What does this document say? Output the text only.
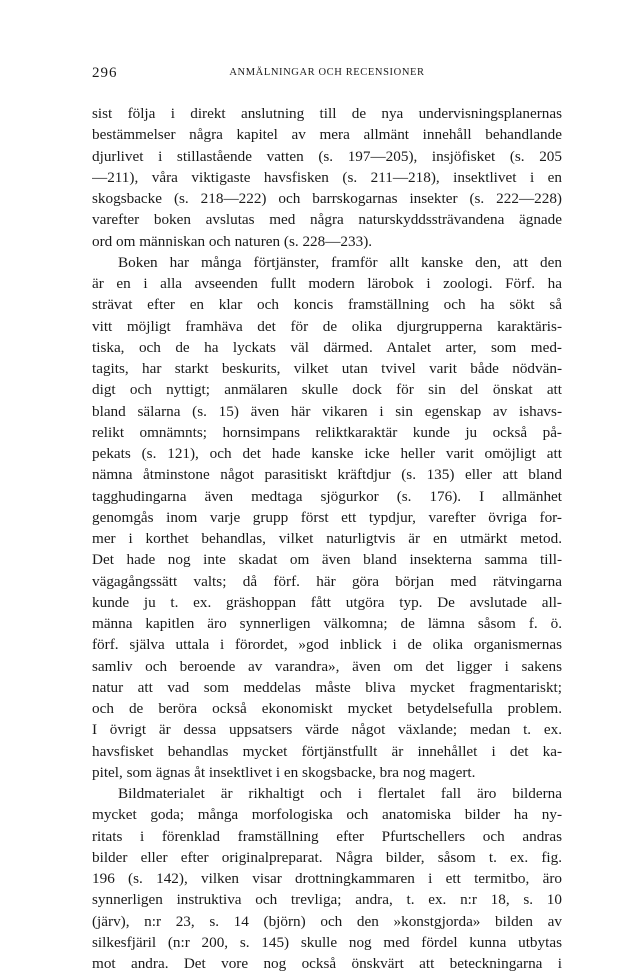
296	ANMÄLNINGAR OCH RECENSIONER
sist följa i direkt anslutning till de nya undervisningsplanernas
bestämmelser några kapitel av mera allmänt innehåll behandlande
djurlivet i stillastående vatten (s. 197—205), insjöfisket (s. 205
—211), våra viktigaste havsfisken (s. 211—218), insektlivet i en
skogsbacke (s. 218—222) och barrskogarnas insekter (s. 222—228)
varefter boken avslutas med några naturskyddssträvandena ägnade
ord om människan och naturen (s. 228—233).
Boken har många förtjänster, framför allt kanske den, att den
är en i alla avseenden fullt modern lärobok i zoologi. Förf. ha
strävat efter en klar och koncis framställning och ha sökt så
vitt möjligt framhäva det för de olika djurgrupperna karaktäris-
tiska, och de ha lyckats väl därmed. Antalet arter, som med-
tagits, har starkt beskurits, vilket utan tvivel varit både nödvän-
digt och nyttigt; anmälaren skulle dock för sin del önskat att
bland sälarna (s. 15) även här vikaren i sin egenskap av ishavs-
relikt omnämnts; hornsimpans reliktkaraktär kunde ju också på-
pekats (s. 121), och det hade kanske icke heller varit omöjligt att
nämna åtminstone något parasitiskt kräftdjur (s. 135) eller att bland
tagghudingarna även medtaga sjögurkor (s. 176). I allmänhet
genomgås inom varje grupp först ett typdjur, varefter övriga for-
mer i korthet behandlas, vilket naturligtvis är en utmärkt metod.
Det hade nog inte skadat om även bland insekterna samma till-
vägagångssätt valts; då förf. här göra början med rätvingarna
kunde ju t. ex. gräshoppan fått utgöra typ. De avslutade all-
männa kapitlen äro synnerligen välkomna; de lämna såsom f. ö.
förf. själva uttala i förordet, »god inblick i de olika organismernas
samliv och beroende av varandra», även om det ligger i sakens
natur att vad som meddelas måste bliva mycket fragmentariskt;
och de beröra också ekonomiskt mycket betydelsefulla problem.
I övrigt är dessa uppsatsers värde något växlande; medan t. ex.
havsfisket behandlas mycket förtjänstfullt är innehållet i det ka-
pitel, som ägnas åt insektlivet i en skogsbacke, bra nog magert.
Bildmaterialet är rikhaltigt och i flertalet fall äro bilderna
mycket goda; många morfologiska och anatomiska bilder ha ny-
ritats i förenklad framställning efter Pfurtschellers och andras
bilder eller efter originalpreparat. Några bilder, såsom t. ex. fig.
196 (s. 142), vilken visar drottningkammaren i ett termitbo, äro
synnerligen instruktiva och trevliga; andra, t. ex. n:r 18, s. 10
(järv), n:r 23, s. 14 (björn) och den »konstgjorda» bilden av
silkesfjäril (n:r 200, s. 145) skulle nog med fördel kunna utbytas
mot andra. Det vore nog också önskvärt att beteckningarna i
